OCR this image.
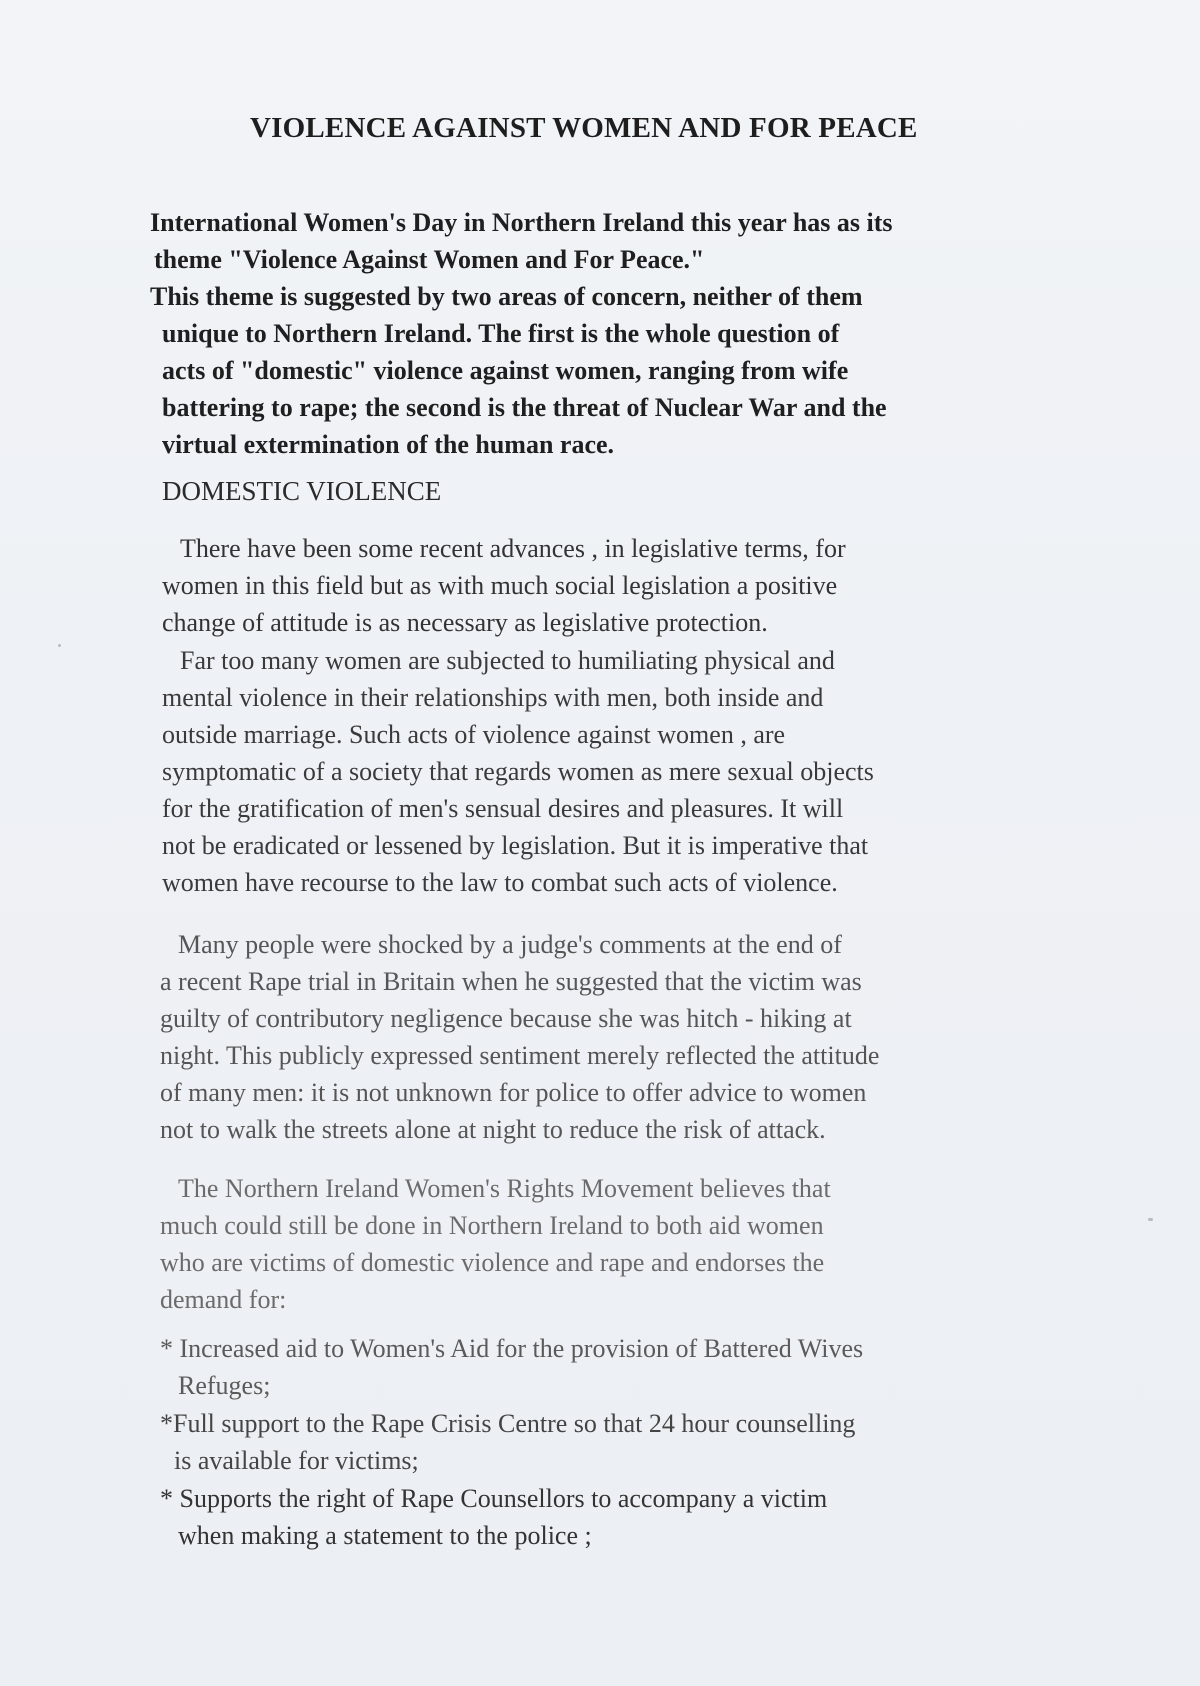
VIOLENCE AGAINST WOMEN AND FOR PEACE
International Women's Day in Northern Ireland this year has as its
theme "Violence Against Women and For Peace."
This theme is suggested by two areas of concern, neither of them
unique to Northern Ireland. The first is the whole question of
acts of "domestic" violence against women, ranging from wife
battering to rape; the second is the threat of Nuclear War and the
virtual extermination of the human race.
DOMESTIC VIOLENCE
There have been some recent advances , in legislative terms, for
women in this field but as with much social legislation a positive
change of attitude is as necessary as legislative protection.
Far too many women are subjected to humiliating physical and
mental violence in their relationships with men, both inside and
outside marriage. Such acts of violence against women , are
symptomatic of a society that regards women as mere sexual objects
for the gratification of men's sensual desires and pleasures. It will
not be eradicated or lessened by legislation. But it is imperative that
women have recourse to the law to combat such acts of violence.
Many people were shocked by a judge's comments at the end of
a recent Rape trial in Britain when he suggested that the victim was
guilty of contributory negligence because she was hitch - hiking at
night. This publicly expressed sentiment merely reflected the attitude
of many men: it is not unknown for police to offer advice to women
not to walk the streets alone at night to reduce the risk of attack.
The Northern Ireland Women's Rights Movement believes that
much could still be done in Northern Ireland to both aid women
who are victims of domestic violence and rape and endorses the
demand for:
* Increased aid to Women's Aid for the provision of Battered Wives
Refuges;
*Full support to the Rape Crisis Centre so that 24 hour counselling
is available for victims;
* Supports the right of Rape Counsellors to accompany a victim
when making a statement to the police ;
